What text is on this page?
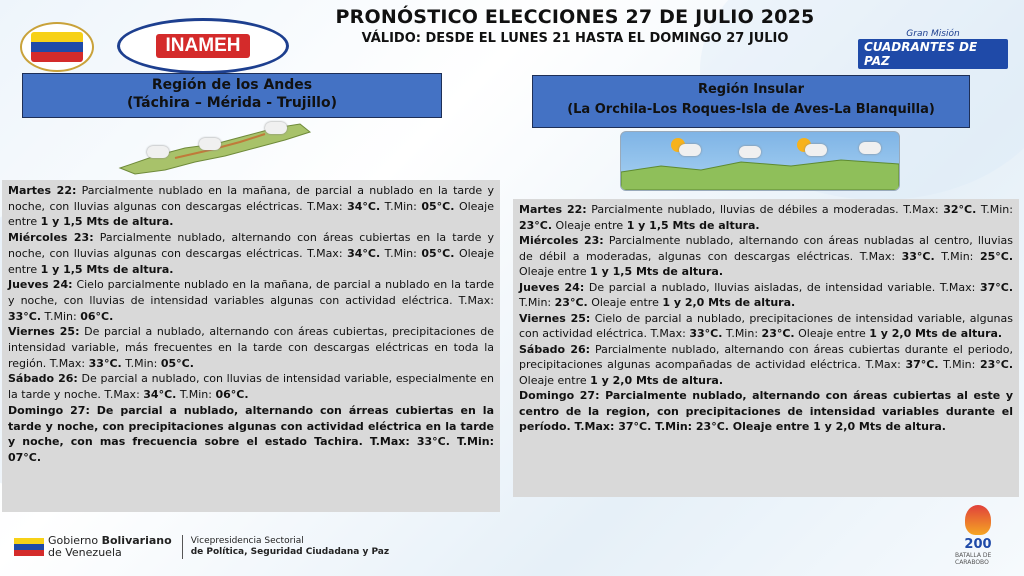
INAMEH
PRONÓSTICO ELECCIONES 27 DE JULIO 2025
VÁLIDO: DESDE EL LUNES 21 HASTA EL DOMINGO 27 JULIO	Gran Misión
CUADRANTES DE PAZ
Región de los Andes
(Táchira – Mérida - Trujillo)

Martes 22: Parcialmente nublado en la mañana, de parcial a nublado en la tarde y noche, con lluvias algunas con descargas eléctricas. T.Max: 34°C. T.Min: 05°C. Oleaje entre 1 y 1,5 Mts de altura.

Miércoles 23: Parcialmente nublado, alternando con áreas cubiertas en la tarde y noche, con lluvias algunas con descargas eléctricas. T.Max: 34°C. T.Min: 05°C. Oleaje entre 1 y 1,5 Mts de altura.

Jueves 24: Cielo parcialmente nublado en la mañana, de parcial a nublado en la tarde y noche, con lluvias de intensidad variables algunas con actividad eléctrica. T.Max: 33°C. T.Min: 06°C.

Viernes 25: De parcial a nublado, alternando con áreas cubiertas, precipitaciones de intensidad variable, más frecuentes en la tarde con descargas eléctricas en toda la región. T.Max: 33°C. T.Min: 05°C.

Sábado 26: De parcial a nublado, con lluvias de intensidad variable, especialmente en la tarde y noche. T.Max: 34°C. T.Min: 06°C.

Domingo 27: De parcial a nublado, alternando con árreas cubiertas en la tarde y noche, con precipitaciones algunas con actividad eléctrica en la tarde y noche, con mas frecuencia sobre el estado Tachira. T.Max: 33°C. T.Min: 07°C.

Región Insular
(La Orchila-Los Roques-Isla de Aves-La Blanquilla)

Martes 22: Parcialmente nublado, lluvias de débiles a moderadas. T.Max: 32°C. T.Min: 23°C. Oleaje entre 1 y 1,5 Mts de altura.

Miércoles 23: Parcialmente nublado, alternando con áreas nubladas al centro, lluvias de débil a moderadas, algunas con descargas eléctricas. T.Max: 33°C. T.Min: 25°C. Oleaje entre 1 y 1,5 Mts de altura.

Jueves 24: De parcial a nublado, lluvias aisladas, de intensidad variable. T.Max: 37°C. T.Min: 23°C. Oleaje entre 1 y 2,0 Mts de altura.

Viernes 25: Cielo de parcial a nublado, precipitaciones de intensidad variable, algunas con actividad eléctrica. T.Max: 33°C. T.Min: 23°C. Oleaje entre 1 y 2,0 Mts de altura.

Sábado 26: Parcialmente nublado, alternando con áreas cubiertas durante el periodo, precipitaciones algunas acompañadas de actividad eléctrica. T.Max: 37°C. T.Min: 23°C. Oleaje entre 1 y 2,0 Mts de altura.

Domingo 27: Parcialmente nublado, alternando con áreas cubiertas al este y centro de la region, con precipitaciones de intensidad variables durante el período. T.Max: 37°C. T.Min: 23°C. Oleaje entre 1 y 2,0 Mts de altura.

Gobierno Bolivariano
de Venezuela
Vicepresidencia Sectorial
de Política, Seguridad Ciudadana y Paz	200
BATALLA DE CARABOBO
